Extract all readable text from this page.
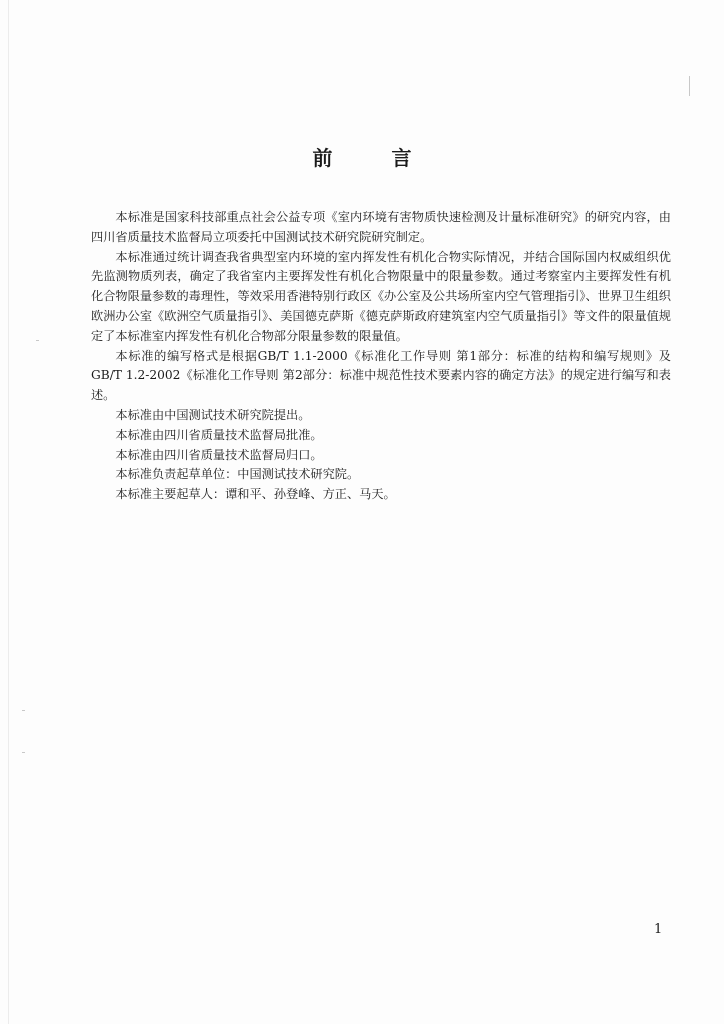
前 言

本标准是国家科技部重点社会公益专项《室内环境有害物质快速检测及计量标准研究》的研究内容，由四川省质量技术监督局立项委托中国测试技术研究院研究制定。

本标准通过统计调查我省典型室内环境的室内挥发性有机化合物实际情况，并结合国际国内权威组织优先监测物质列表，确定了我省室内主要挥发性有机化合物限量中的限量参数。通过考察室内主要挥发性有机化合物限量参数的毒理性，等效采用香港特别行政区《办公室及公共场所室内空气管理指引》、世界卫生组织欧洲办公室《欧洲空气质量指引》、美国德克萨斯《德克萨斯政府建筑室内空气质量指引》等文件的限量值规定了本标准室内挥发性有机化合物部分限量参数的限量值。

本标准的编写格式是根据GB/T 1.1-2000《标准化工作导则 第1部分：标准的结构和编写规则》及GB/T 1.2-2002《标准化工作导则 第2部分：标准中规范性技术要素内容的确定方法》的规定进行编写和表述。

本标准由中国测试技术研究院提出。

本标准由四川省质量技术监督局批准。

本标准由四川省质量技术监督局归口。

本标准负责起草单位：中国测试技术研究院。

本标准主要起草人：谭和平、孙登峰、方正、马天。

1
